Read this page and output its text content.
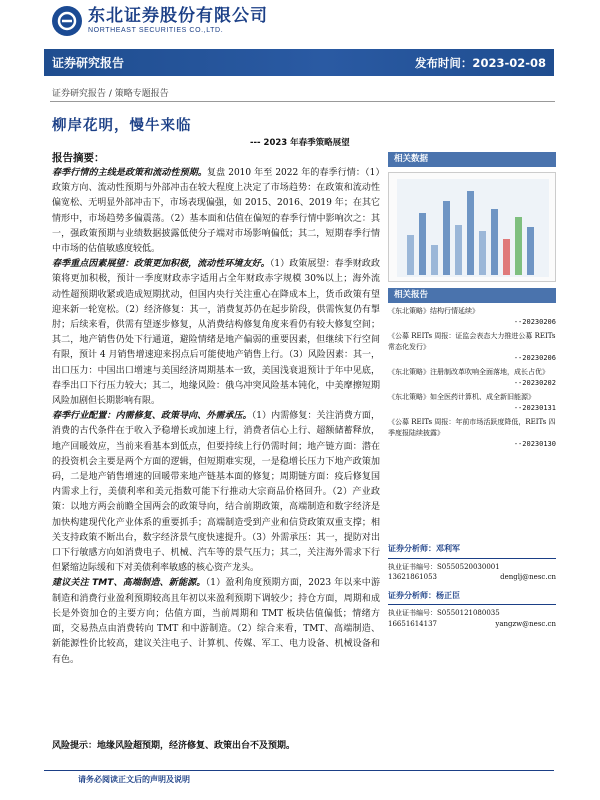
东北证券股份有限公司
NORTHEAST SECURITIES CO.,LTD.
证券研究报告	发布时间：2023-02-08
证券研究报告 / 策略专题报告
柳岸花明，慢牛来临
--- 2023 年春季策略展望
报告摘要：

春季行情的主线是政策和流动性预期。复盘 2010 年至 2022 年的春季行情：（1）政策方向、流动性预期与外部冲击在较大程度上决定了市场趋势：在政策和流动性偏宽松、无明显外部冲击下，市场表现偏强，如 2015、2016、2019 年；在其它情形中，市场趋势多偏震荡。（2）基本面和估值在偏短的春季行情中影响次之：其一，强政策预期与业绩数据披露低使分子端对市场影响偏低；其二，短期春季行情中市场的估值敏感度较低。

春季重点因素展望：政策更加积极，流动性环境友好。（1）政策展望：春季财政政策将更加积极，预计一季度财政赤字适用占全年财政赤字规模 30%以上；海外流动性超预期收紧或造成短期扰动，但国内央行关注重心在降成本上，货币政策有望迎来新一轮宽松。（2）经济修复：其一，消费复苏仍在起步阶段，供需恢复仍有掣肘；后续来看，供需有望逐步修复，从消费结构修复角度来看仍有较大修复空间；其二，地产销售仍处下行通道，避险情绪是地产偏弱的重要因素，但继续下行空间有限，预计 4 月销售增速迎来拐点后可能使地产销售上行。（3）风险因素：其一，出口压力：中国出口增速与美国经济周期基本一致，美国浅衰退预计于年中见底，春季出口下行压力较大；其二，地缘风险：俄乌冲突风险基本钝化，中美摩擦短期风险加剧但长期影响有限。

春季行业配置：内需修复、政策导向、外需承压。（1）内需修复：关注消费方面，消费的古代条件在于收入予稳增长或加速上行，消费者信心上行、超额储蓄释放，地产回暖效应，当前来看基本到低点，但要持续上行仍需时间；地产链方面：潜在的投资机会主要是两个方面的逻辑，但短期难实现，一是稳增长压力下地产政策加码，二是地产销售增速的回暖带来地产链基本面的修复；周期链方面：疫后修复国内需求上行，美债利率和美元指数可能下行推动大宗商品价格回升。（2）产业政策：以地方两会前瞻全国两会的政策导向，结合前期政策，高端制造和数字经济是加快构建现代化产业体系的重要抓手；高端制造受到产业和信贷政策双重支撑；相关支持政策不断出台，数字经济景气度快速提升。（3）外需承压：其一，提防对出口下行敏感方向如消费电子、机械、汽车等的景气压力；其二，关注海外需求下行但紧缩边际缓和下对美债利率敏感的核心资产龙头。

建议关注 TMT、高端制造、新能源。（1）盈利角度预期方面，2023 年以来中游制造和消费行业盈利预期较高且年初以来盈利预期下调较少；持仓方面，周期和成长是外资加仓的主要方向；估值方面，当前周期和 TMT 板块估值偏低；情绪方面，交易热点由消费转向 TMT 和中游制造。（2）综合来看，TMT、高端制造、新能源性价比较高，建议关注电子、计算机、传媒、军工、电力设备、机械设备和有色。

风险提示：地缘风险超预期，经济修复、政策出台不及预期。
请务必阅读正文后的声明及说明
相关数据
相关报告
《东北策略》结构行情延续》
--20230206
《公募 REITs 周报：证监会表态大力推进公募 REITs 常态化发行》
--20230206
《东北策略》注册制改革吹响全面落地，成长占优》
--20230202
《东北策略》如全医药计算机、成全新旧能源》
--20230131
《公募 REITs 周报：年前市场活跃度降低，REITs 四季度报陆续披露》
--20230130
证券分析师：邓利军
执业证书编号：S0550520030001
13621861053	denglj@nesc.cn
证券分析师：杨正臣
执业证书编号：S0550121080035
16651614137	yangzw@nesc.cn
